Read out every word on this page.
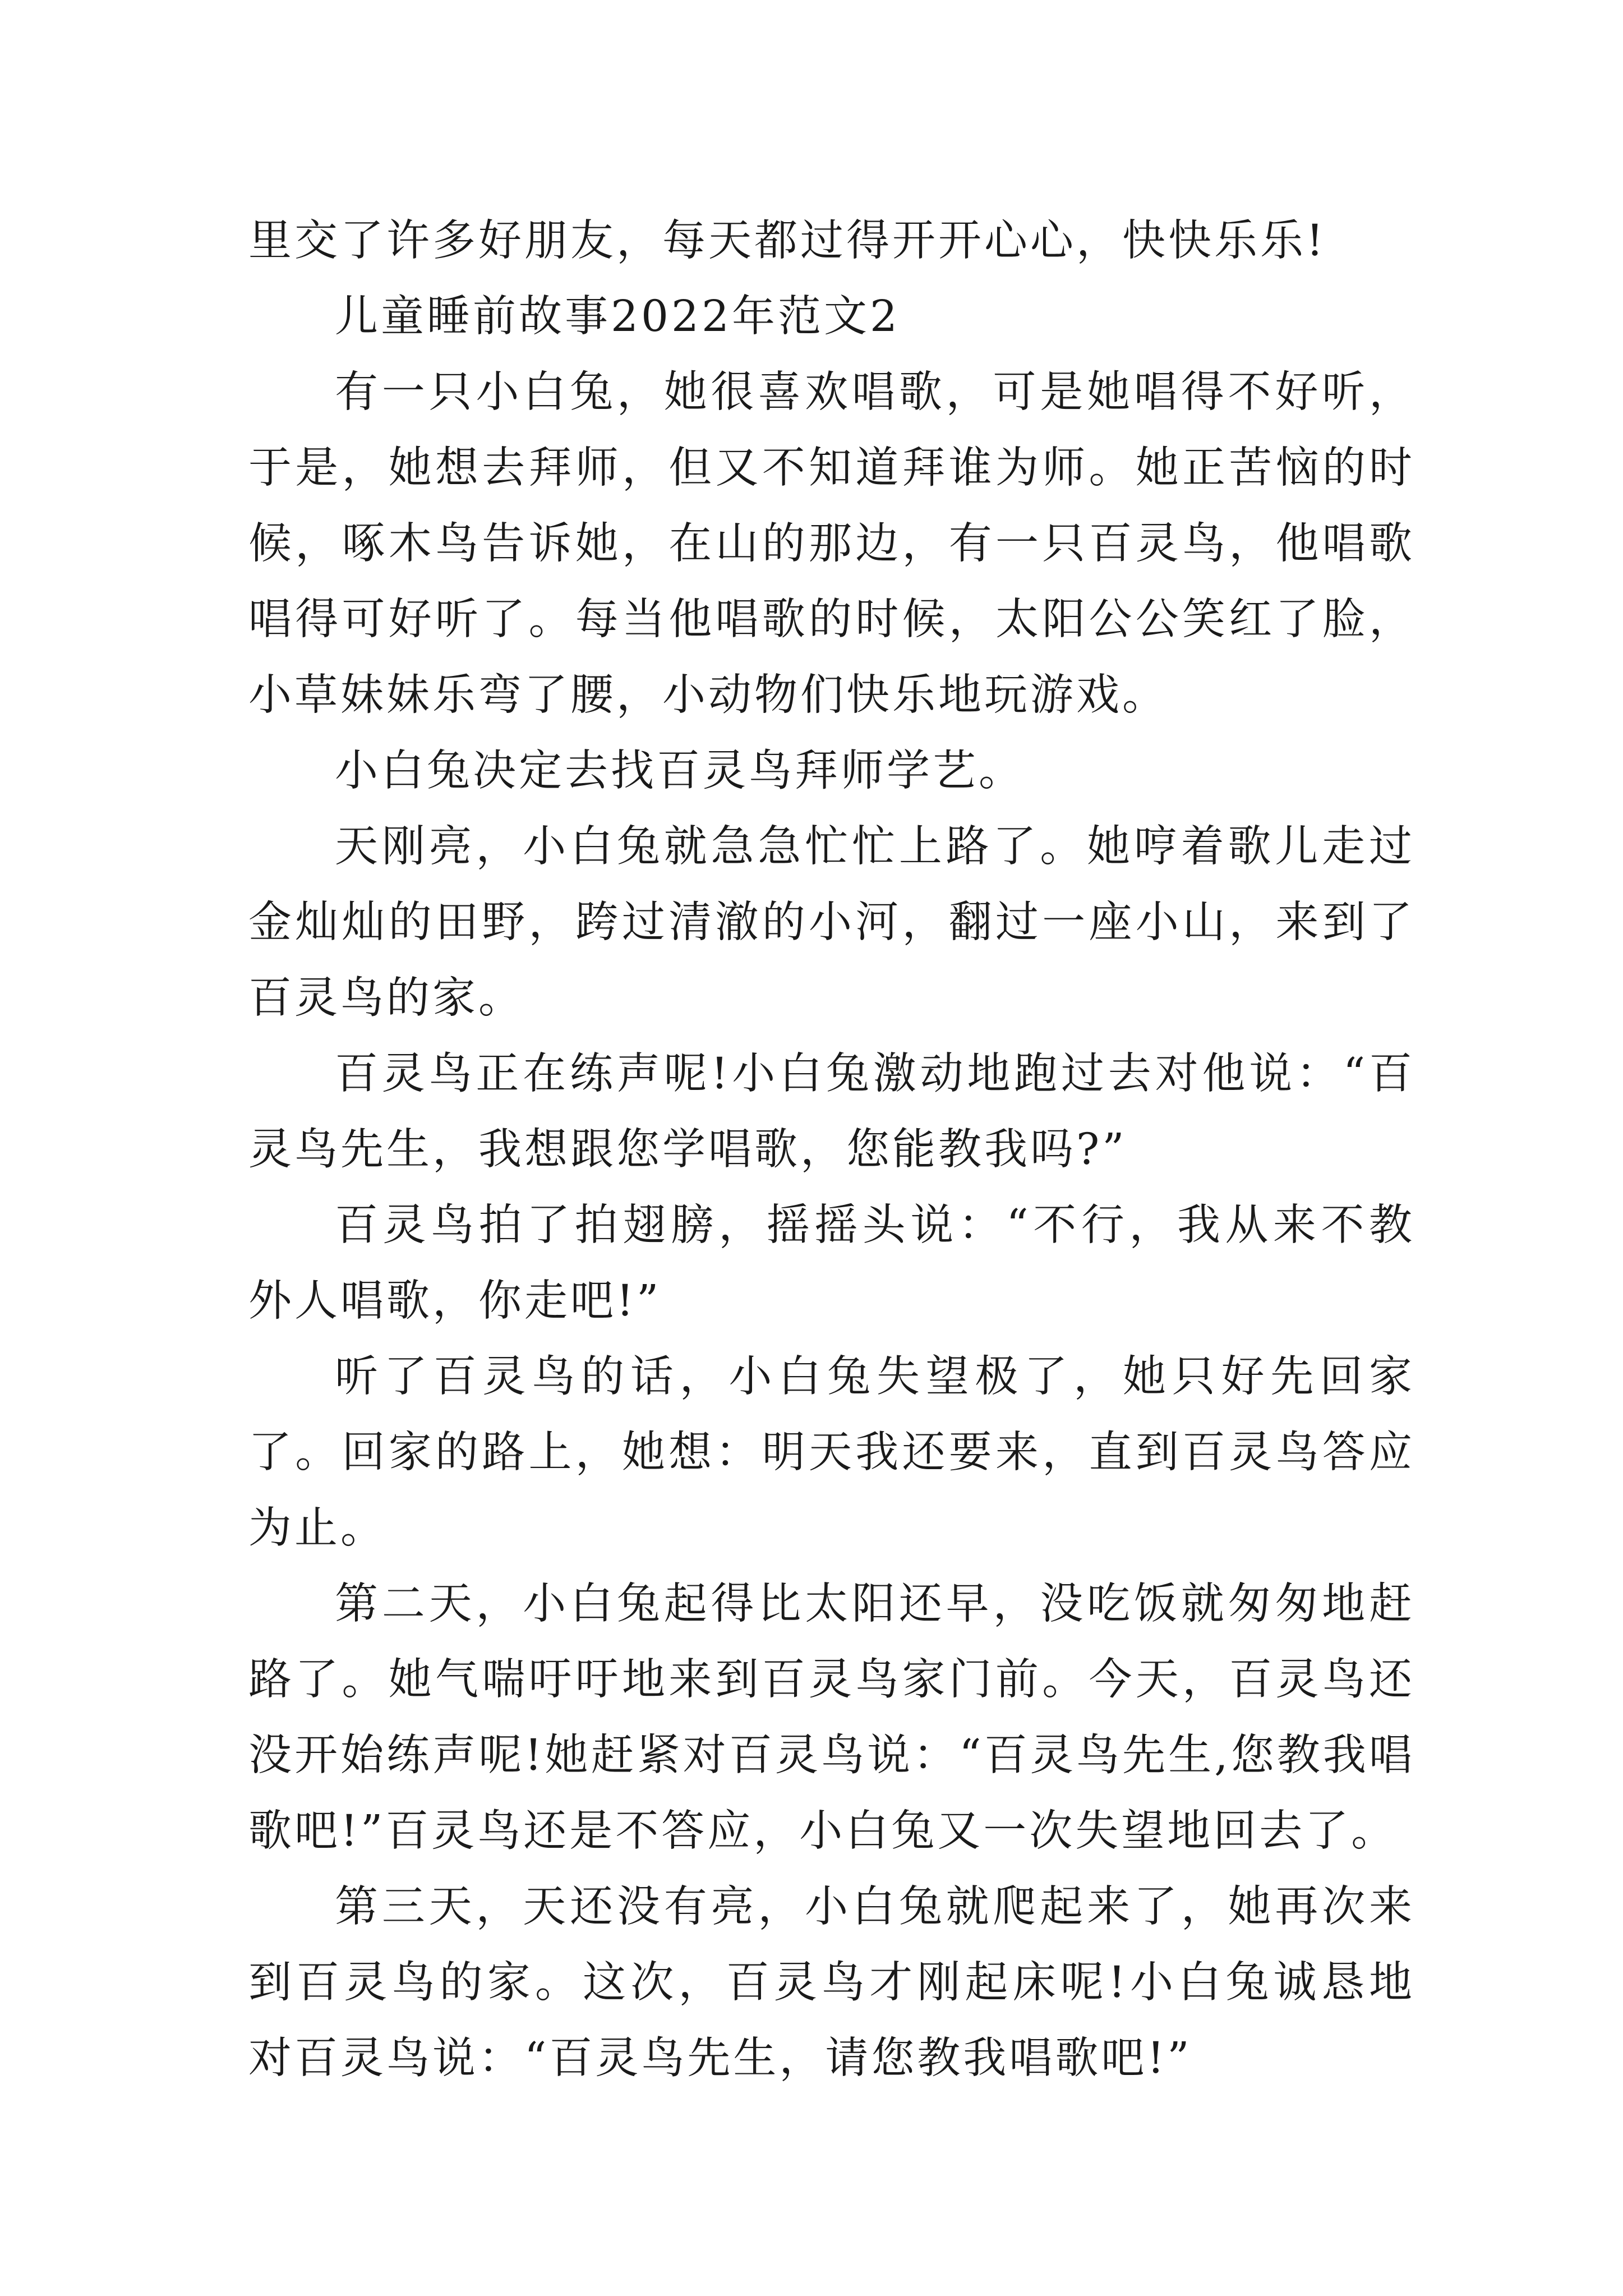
里交了许多好朋友，每天都过得开开心心，快快乐乐!

儿童睡前故事2022年范文2

有一只小白兔，她很喜欢唱歌，可是她唱得不好听，于是，她想去拜师，但又不知道拜谁为师。她正苦恼的时候，啄木鸟告诉她，在山的那边，有一只百灵鸟，他唱歌唱得可好听了。每当他唱歌的时候，太阳公公笑红了脸，小草妹妹乐弯了腰，小动物们快乐地玩游戏。

小白兔决定去找百灵鸟拜师学艺。

天刚亮，小白兔就急急忙忙上路了。她哼着歌儿走过金灿灿的田野，跨过清澈的小河，翻过一座小山，来到了百灵鸟的家。

百灵鸟正在练声呢!小白兔激动地跑过去对他说：“百灵鸟先生，我想跟您学唱歌，您能教我吗?”

百灵鸟拍了拍翅膀，摇摇头说：“不行，我从来不教外人唱歌，你走吧!”

听了百灵鸟的话，小白兔失望极了，她只好先回家了。回家的路上，她想：明天我还要来，直到百灵鸟答应为止。

第二天，小白兔起得比太阳还早，没吃饭就匆匆地赶路了。她气喘吁吁地来到百灵鸟家门前。今天，百灵鸟还没开始练声呢!她赶紧对百灵鸟说：“百灵鸟先生,您教我唱歌吧!”百灵鸟还是不答应，小白兔又一次失望地回去了。

第三天，天还没有亮，小白兔就爬起来了，她再次来到百灵鸟的家。这次，百灵鸟才刚起床呢!小白兔诚恳地对百灵鸟说：“百灵鸟先生，请您教我唱歌吧!”
